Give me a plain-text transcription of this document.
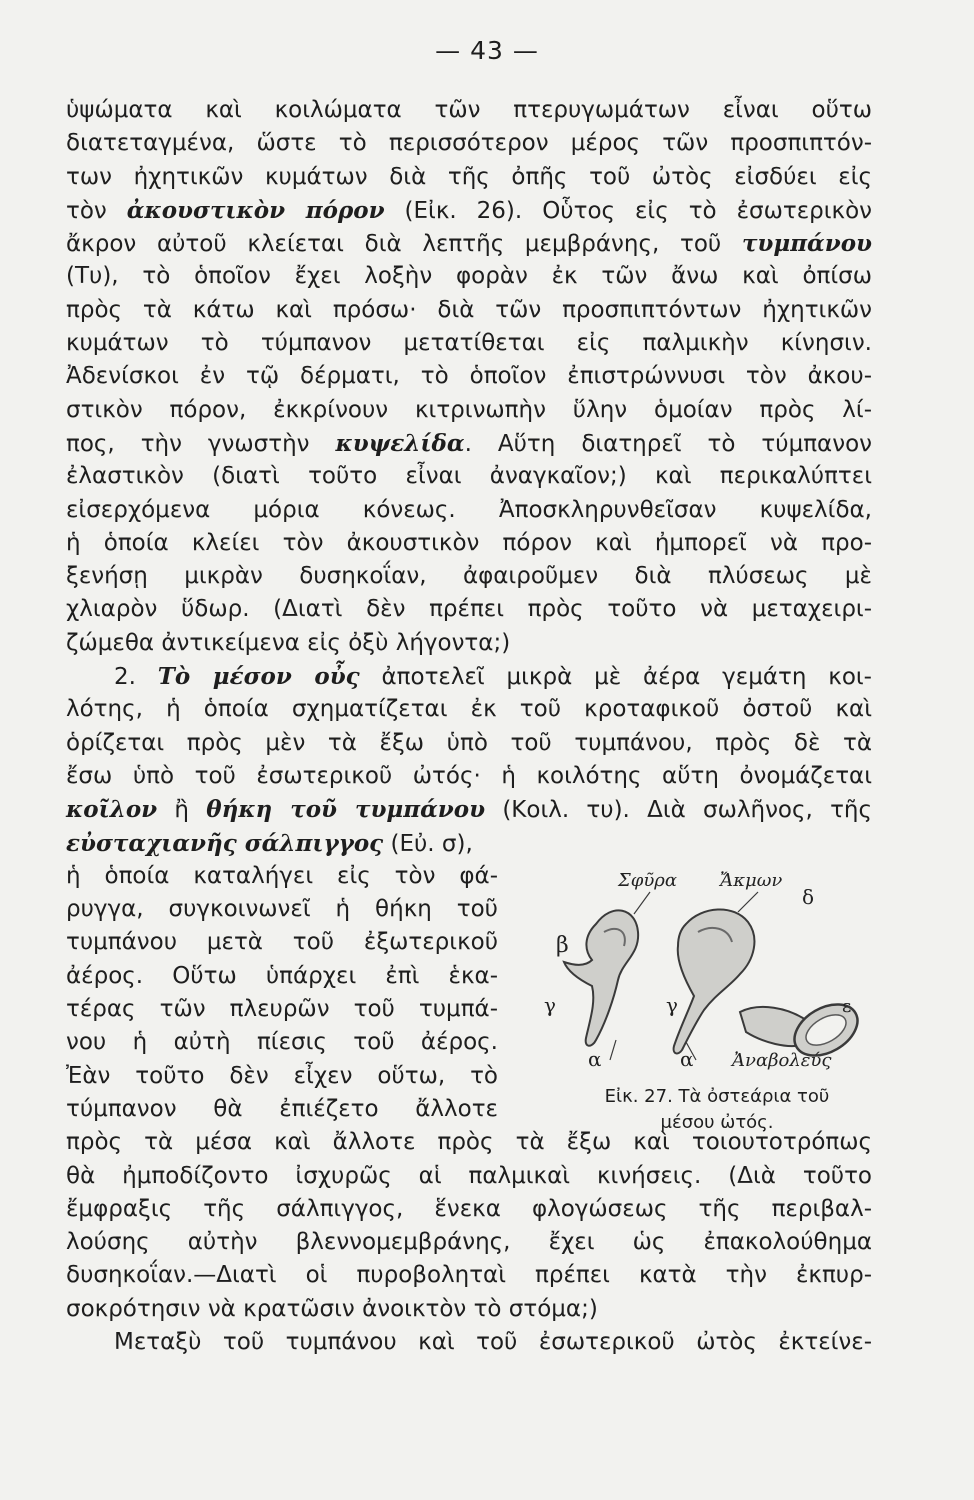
— 43 —
ὑψώματα καὶ κοιλώματα τῶν πτερυγωμάτων εἶναι οὕτω
διατεταγμένα, ὥστε τὸ περισσότερον μέρος τῶν προσπιπτόν-
των ἠχητικῶν κυμάτων διὰ τῆς ὀπῆς τοῦ ὠτὸς εἰσδύει εἰς
τὸν ἀκουστικὸν πόρον (Εἰκ. 26). Οὗτος εἰς τὸ ἐσωτερικὸν
ἄκρον αὐτοῦ κλείεται διὰ λεπτῆς μεμβράνης, τοῦ τυμπάνου
(Τυ), τὸ ὁποῖον ἔχει λοξὴν φορὰν ἐκ τῶν ἄνω καὶ ὀπίσω
πρὸς τὰ κάτω καὶ πρόσω· διὰ τῶν προσπιπτόντων ἠχητικῶν
κυμάτων τὸ τύμπανον μετατίθεται εἰς παλμικὴν κίνησιν.
Ἀδενίσκοι ἐν τῷ δέρματι, τὸ ὁποῖον ἐπιστρώννυσι τὸν ἀκου-
στικὸν πόρον, ἐκκρίνουν κιτρινωπὴν ὕλην ὁμοίαν πρὸς λί-
πος, τὴν γνωστὴν κυψελίδα. Αὕτη διατηρεῖ τὸ τύμπανον
ἐλαστικὸν (διατὶ τοῦτο εἶναι ἀναγκαῖον;) καὶ περικαλύπτει
εἰσερχόμενα μόρια κόνεως. Ἀποσκληρυνθεῖσαν κυψελίδα,
ἡ ὁποία κλείει τὸν ἀκουστικὸν πόρον καὶ ἠμπορεῖ νὰ προ-
ξενήσῃ μικρὰν δυσηκοΐαν, ἀφαιροῦμεν διὰ πλύσεως μὲ
χλιαρὸν ὕδωρ. (Διατὶ δὲν πρέπει πρὸς τοῦτο νὰ μεταχειρι-
ζώμεθα ἀντικείμενα εἰς ὀξὺ λήγοντα;)
2. Τὸ μέσον οὖς ἀποτελεῖ μικρὰ μὲ ἀέρα γεμάτη κοι-
λότης, ἡ ὁποία σχηματίζεται ἐκ τοῦ κροταφικοῦ ὀστοῦ καὶ
ὁρίζεται πρὸς μὲν τὰ ἔξω ὑπὸ τοῦ τυμπάνου, πρὸς δὲ τὰ
ἔσω ὑπὸ τοῦ ἐσωτερικοῦ ὠτός· ἡ κοιλότης αὕτη ὀνομάζεται
κοῖλον ἢ θήκη τοῦ τυμπάνου (Κοιλ. τυ). Διὰ σωλῆνος, τῆς
εὐσταχιανῆς σάλπιγγος (Εὐ. σ),
ἡ ὁποία καταλήγει εἰς τὸν φά-
ρυγγα, συγκοινωνεῖ ἡ θήκη τοῦ
τυμπάνου μετὰ τοῦ ἐξωτερικοῦ
ἀέρος. Οὕτω ὑπάρχει ἐπὶ ἑκα-
τέρας τῶν πλευρῶν τοῦ τυμπά-
νου ἡ αὐτὴ πίεσις τοῦ ἀέρος.
Ἐὰν τοῦτο δὲν εἶχεν οὕτω, τὸ
τύμπανον θὰ ἐπιέζετο ἄλλοτε
πρὸς τὰ μέσα καὶ ἄλλοτε πρὸς τὰ ἔξω καὶ τοιουτοτρόπως
θὰ ἠμποδίζοντο ἰσχυρῶς αἱ παλμικαὶ κινήσεις. (Διὰ τοῦτο
ἔμφραξις τῆς σάλπιγγος, ἕνεκα φλογώσεως τῆς περιβαλ-
λούσης αὐτὴν βλεννομεμβράνης, ἔχει ὡς ἐπακολούθημα
δυσηκοΐαν.—Διατὶ οἱ πυροβοληταὶ πρέπει κατὰ τὴν ἐκπυρ-
σοκρότησιν νὰ κρατῶσιν ἀνοικτὸν τὸ στόμα;)
Μεταξὺ τοῦ τυμπάνου καὶ τοῦ ἐσωτερικοῦ ὠτὸς ἐκτείνε-
Σφῦρα Ἄκμων
δ
β
γ	γ	ε
α	α Ἀναβολεύς
Εἰκ. 27. Τὰ ὀστεάρια τοῦ
μέσου ὠτός.
